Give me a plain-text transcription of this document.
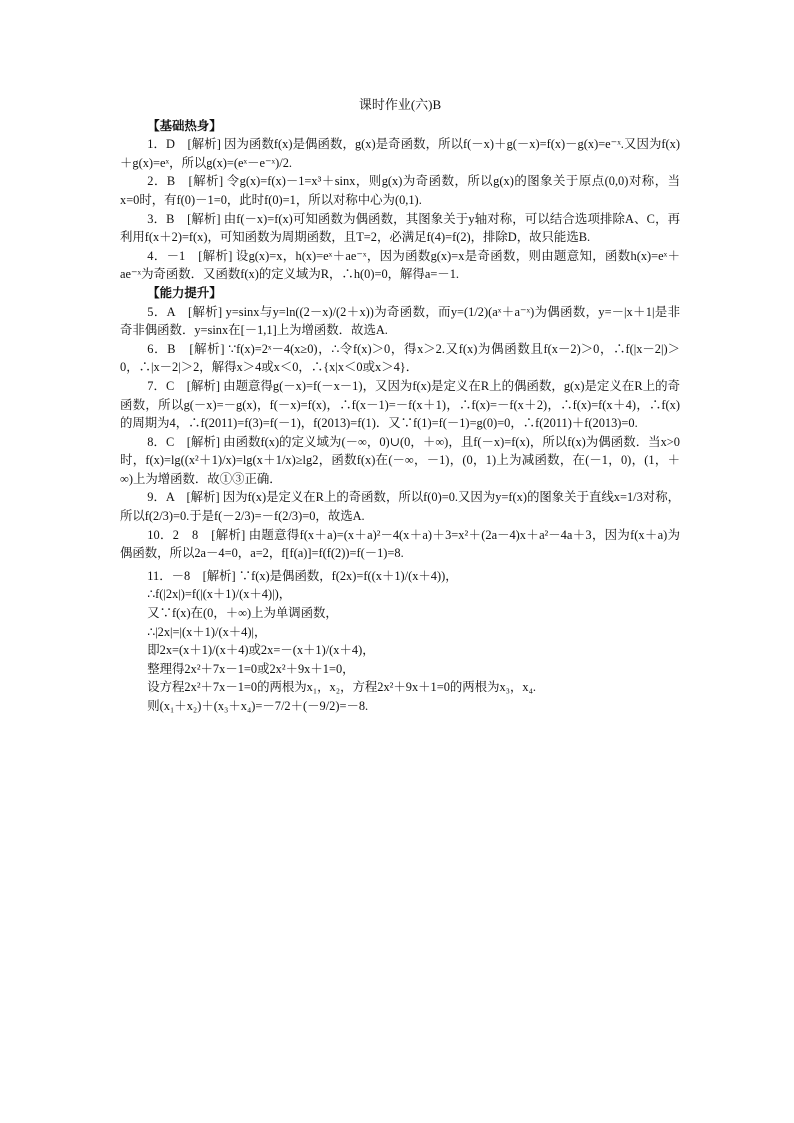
课时作业(六)B
【基础热身】

1．D　[解析] 因为函数f(x)是偶函数，g(x)是奇函数，所以f(－x)＋g(－x)=f(x)－g(x)=e⁻ˣ.又因为f(x)＋g(x)=eˣ，所以g(x)=(eˣ－e⁻ˣ)/2.

2．B　[解析] 令g(x)=f(x)－1=x³＋sinx，则g(x)为奇函数，所以g(x)的图象关于原点(0,0)对称，当x=0时，有f(0)－1=0，此时f(0)=1，所以对称中心为(0,1).

3．B　[解析] 由f(－x)=f(x)可知函数为偶函数，其图象关于y轴对称，可以结合选项排除A、C，再利用f(x＋2)=f(x)，可知函数为周期函数，且T=2，必满足f(4)=f(2)，排除D，故只能选B.

4．－1　[解析] 设g(x)=x，h(x)=eˣ＋ae⁻ˣ，因为函数g(x)=x是奇函数，则由题意知，函数h(x)=eˣ＋ae⁻ˣ为奇函数．又函数f(x)的定义域为R，∴h(0)=0，解得a=－1.

【能力提升】

5．A　[解析] y=sinx与y=ln((2－x)/(2＋x))为奇函数，而y=(1/2)(aˣ＋a⁻ˣ)为偶函数，y=－|x＋1|是非奇非偶函数．y=sinx在[－1,1]上为增函数．故选A.

6．B　[解析] ∵f(x)=2ˣ－4(x≥0)，∴令f(x)＞0，得x＞2.又f(x)为偶函数且f(x－2)＞0，∴f(|x－2|)＞0，∴|x－2|＞2，解得x＞4或x＜0，∴{x|x＜0或x＞4}．

7．C　[解析] 由题意得g(－x)=f(－x－1)，又因为f(x)是定义在R上的偶函数，g(x)是定义在R上的奇函数，所以g(－x)=－g(x)，f(－x)=f(x)，∴f(x－1)=－f(x＋1)，∴f(x)=－f(x＋2)，∴f(x)=f(x＋4)，∴f(x)的周期为4，∴f(2011)=f(3)=f(－1)，f(2013)=f(1)．又∵f(1)=f(－1)=g(0)=0，∴f(2011)＋f(2013)=0.

8．C　[解析] 由函数f(x)的定义域为(－∞，0)∪(0，＋∞)，且f(－x)=f(x)，所以f(x)为偶函数．当x>0时，f(x)=lg((x²＋1)/x)=lg(x＋1/x)≥lg2，函数f(x)在(－∞，－1)，(0，1)上为减函数，在(－1，0)，(1，＋∞)上为增函数．故①③正确．

9．A　[解析] 因为f(x)是定义在R上的奇函数，所以f(0)=0.又因为y=f(x)的图象关于直线x=1/3对称，所以f(2/3)=0.于是f(－2/3)=－f(2/3)=0，故选A.

10．2　8　[解析] 由题意得f(x＋a)=(x＋a)²－4(x＋a)＋3=x²＋(2a－4)x＋a²－4a＋3，因为f(x＋a)为偶函数，所以2a－4=0，a=2，f[f(a)]=f(f(2))=f(－1)=8.

11．－8　[解析] ∵f(x)是偶函数，f(2x)=f((x＋1)/(x＋4))，

∴f(|2x|)=f(|(x＋1)/(x＋4)|)，

又∵f(x)在(0，＋∞)上为单调函数，

∴|2x|=|(x＋1)/(x＋4)|，

即2x=(x＋1)/(x＋4)或2x=－(x＋1)/(x＋4)，

整理得2x²＋7x－1=0或2x²＋9x＋1=0，

设方程2x²＋7x－1=0的两根为x₁，x₂，方程2x²＋9x＋1=0的两根为x₃，x₄.

则(x₁＋x₂)＋(x₃＋x₄)=－7/2＋(－9/2)=－8.
